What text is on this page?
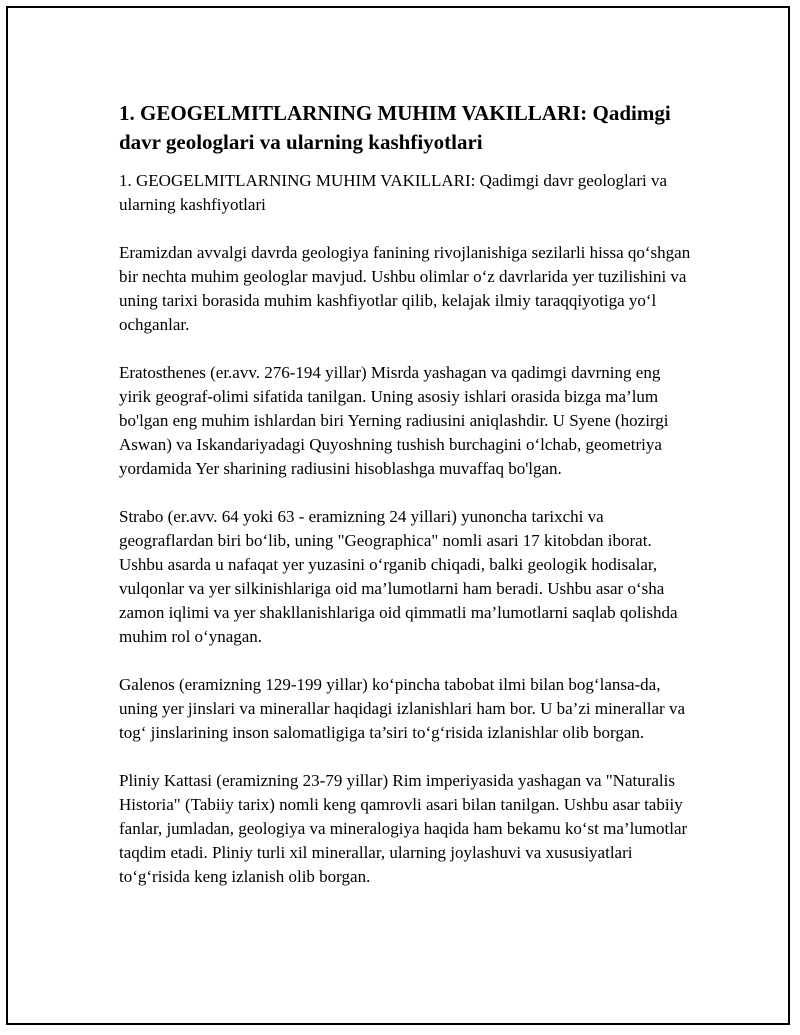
1. GEOGELMITLARNING MUHIM VAKILLARI: Qadimgi davr geologlari va ularning kashfiyotlari

1. GEOGELMITLARNING MUHIM VAKILLARI: Qadimgi davr geologlari va ularning kashfiyotlari

Eramizdan avvalgi davrda geologiya fanining rivojlanishiga sezilarli hissa qo‘shgan bir nechta muhim geologlar mavjud. Ushbu olimlar o‘z davrlarida yer tuzilishini va uning tarixi borasida muhim kashfiyotlar qilib, kelajak ilmiy taraqqiyotiga yo‘l ochganlar.

Eratosthenes (er.avv. 276-194 yillar) Misrda yashagan va qadimgi davrning eng yirik geograf-olimi sifatida tanilgan. Uning asosiy ishlari orasida bizga ma’lum bo'lgan eng muhim ishlardan biri Yerning radiusini aniqlashdir. U Syene (hozirgi Aswan) va Iskandariyadagi Quyoshning tushish burchagini o‘lchab, geometriya yordamida Yer sharining radiusini hisoblashga muvaffaq bo'lgan.

Strabo (er.avv. 64 yoki 63 - eramizning 24 yillari) yunoncha tarixchi va geograflardan biri bo‘lib, uning "Geographica" nomli asari 17 kitobdan iborat. Ushbu asarda u nafaqat yer yuzasini o‘rganib chiqadi, balki geologik hodisalar, vulqonlar va yer silkinishlariga oid ma’lumotlarni ham beradi. Ushbu asar o‘sha zamon iqlimi va yer shakllanishlariga oid qimmatli ma’lumotlarni saqlab qolishda muhim rol o‘ynagan.

Galenos (eramizning 129-199 yillar) ko‘pincha tabobat ilmi bilan bog‘lansa-da, uning yer jinslari va minerallar haqidagi izlanishlari ham bor. U ba’zi minerallar va tog‘ jinslarining inson salomatligiga ta’siri to‘g‘risida izlanishlar olib borgan.

Pliniy Kattasi (eramizning 23-79 yillar) Rim imperiyasida yashagan va "Naturalis Historia" (Tabiiy tarix) nomli keng qamrovli asari bilan tanilgan. Ushbu asar tabiiy fanlar, jumladan, geologiya va mineralogiya haqida ham bekamu ko‘st ma’lumotlar taqdim etadi. Pliniy turli xil minerallar, ularning joylashuvi va xususiyatlari to‘g‘risida keng izlanish olib borgan.
